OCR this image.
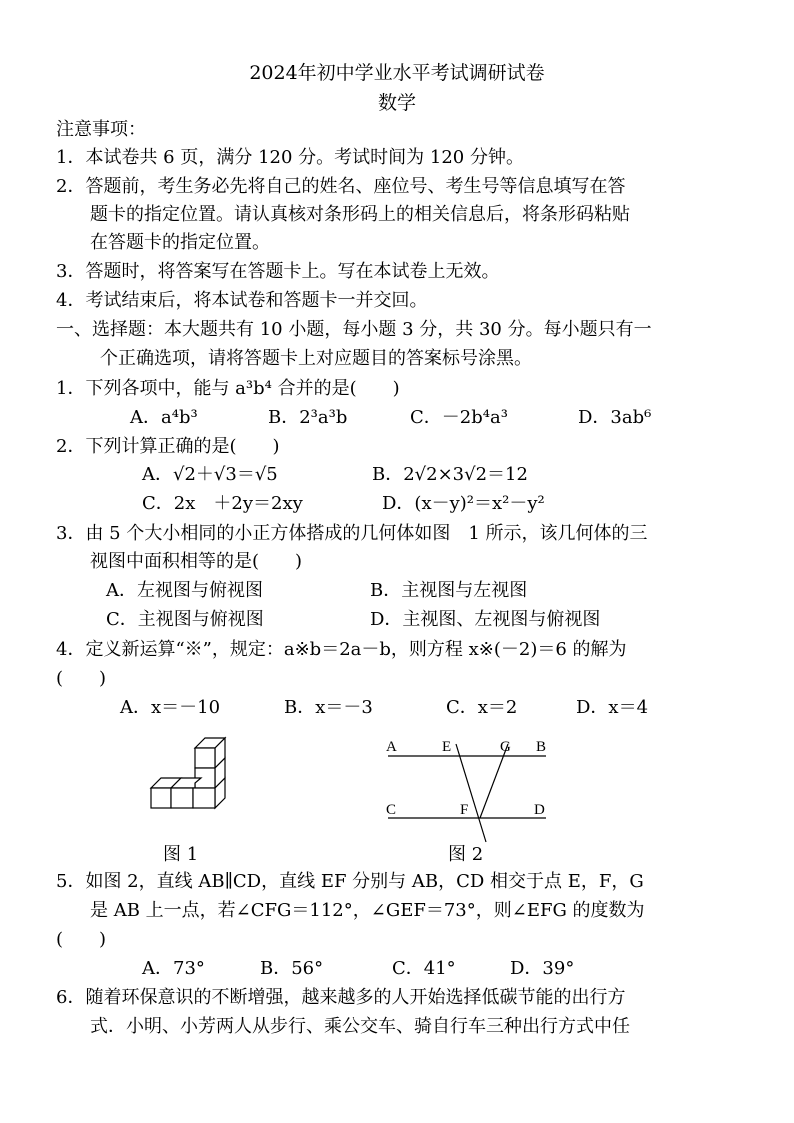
2024年初中学业水平考试调研试卷
数学
注意事项：
1．本试卷共 6 页，满分 120 分。考试时间为 120 分钟。
2．答题前，考生务必先将自己的姓名、座位号、考生号等信息填写在答
题卡的指定位置。请认真核对条形码上的相关信息后，将条形码粘贴
在答题卡的指定位置。
3．答题时，将答案写在答题卡上。写在本试卷上无效。
4．考试结束后，将本试卷和答题卡一并交回。
一、选择题：本大题共有 10 小题，每小题 3 分，共 30 分。每小题只有一
个正确选项，请将答题卡上对应题目的答案标号涂黑。
1．下列各项中，能与 a³b⁴ 合并的是(　　)
A．a⁴b³	B．2³a³b	C．－2b⁴a³	D．3ab⁶
2．下列计算正确的是(　　)
A．√2＋√3＝√5	B．2√2×3√2＝12
C．2x　＋2y＝2xy	D．(x－y)²＝x²－y²
3．由 5 个大小相同的小正方体搭成的几何体如图　1 所示，该几何体的三
视图中面积相等的是(　　)
A．左视图与俯视图	B．主视图与左视图
C．主视图与俯视图	D．主视图、左视图与俯视图
4．定义新运算“※”，规定：a※b＝2a－b，则方程 x※(－2)＝6 的解为
(　　)
A．x＝－10	B．x＝－3	C．x＝2	D．x＝4
图 1
A	E	G B
C	F	D
图 2
5．如图 2，直线 AB∥CD，直线 EF 分别与 AB，CD 相交于点 E，F，G
是 AB 上一点，若∠CFG＝112°，∠GEF＝73°，则∠EFG 的度数为
(　　)
A．73°	B．56°	C．41°	D．39°
6．随着环保意识的不断增强，越来越多的人开始选择低碳节能的出行方
式．小明、小芳两人从步行、乘公交车、骑自行车三种出行方式中任
